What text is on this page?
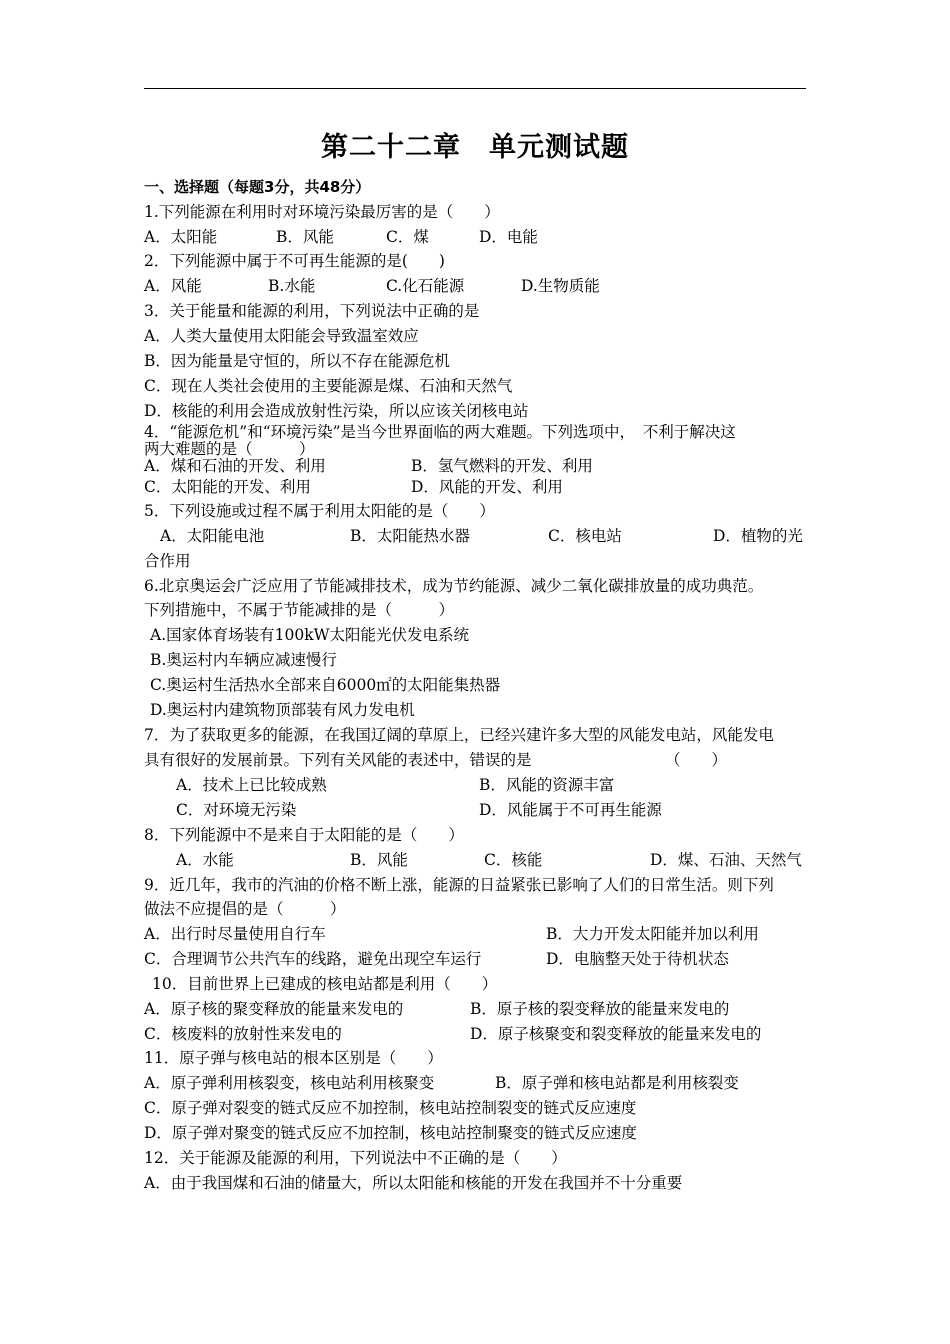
第二十二章　单元测试题
一、选择题（每题3分，共48分）
1.下列能源在利用时对环境污染最厉害的是（　　）
A．太阳能	B．风能	C．煤	D．电能
2．下列能源中属于不可再生能源的是(　　)
A．风能	B.水能	C.化石能源	D.生物质能
3．关于能量和能源的利用，下列说法中正确的是
A．人类大量使用太阳能会导致温室效应
B．因为能量是守恒的，所以不存在能源危机
C．现在人类社会使用的主要能源是煤、石油和天然气
D．核能的利用会造成放射性污染，所以应该关闭核电站
4．“能源危机”和“环境污染”是当今世界面临的两大难题。下列选项中，　不利于解决这
两大难题的是（　　　）
A．煤和石油的开发、利用	B．氢气燃料的开发、利用
C．太阳能的开发、利用	D．风能的开发、利用
5．下列设施或过程不属于利用太阳能的是（　　）
A．太阳能电池	B．太阳能热水器	C．核电站	D．植物的光
合作用
6.北京奥运会广泛应用了节能减排技术，成为节约能源、减少二氧化碳排放量的成功典范。
下列措施中，不属于节能减排的是（　　　）
A.国家体育场装有100kW太阳能光伏发电系统
B.奥运村内车辆应减速慢行
C.奥运村生活热水全部来自6000㎡的太阳能集热器
D.奥运村内建筑物顶部装有风力发电机
7．为了获取更多的能源，在我国辽阔的草原上，已经兴建许多大型的风能发电站，风能发电
具有很好的发展前景。下列有关风能的表述中，错误的是	（　　）
A．技术上已比较成熟	B．风能的资源丰富
C．对环境无污染	D．风能属于不可再生能源
8．下列能源中不是来自于太阳能的是（　　）
A．水能	B．风能	C．核能	D．煤、石油、天然气
9．近几年，我市的汽油的价格不断上涨，能源的日益紧张已影响了人们的日常生活。则下列
做法不应提倡的是（　　　）
A．出行时尽量使用自行车	B．大力开发太阳能并加以利用
C．合理调节公共汽车的线路，避免出现空车运行	D．电脑整天处于待机状态
10．目前世界上已建成的核电站都是利用（　　）
A．原子核的聚变释放的能量来发电的	B．原子核的裂变释放的能量来发电的
C．核废料的放射性来发电的	D．原子核聚变和裂变释放的能量来发电的
11．原子弹与核电站的根本区别是（　　）
A．原子弹利用核裂变，核电站利用核聚变	B．原子弹和核电站都是利用核裂变
C．原子弹对裂变的链式反应不加控制，核电站控制裂变的链式反应速度
D．原子弹对聚变的链式反应不加控制，核电站控制聚变的链式反应速度
12．关于能源及能源的利用，下列说法中不正确的是（　　）
A．由于我国煤和石油的储量大，所以太阳能和核能的开发在我国并不十分重要
